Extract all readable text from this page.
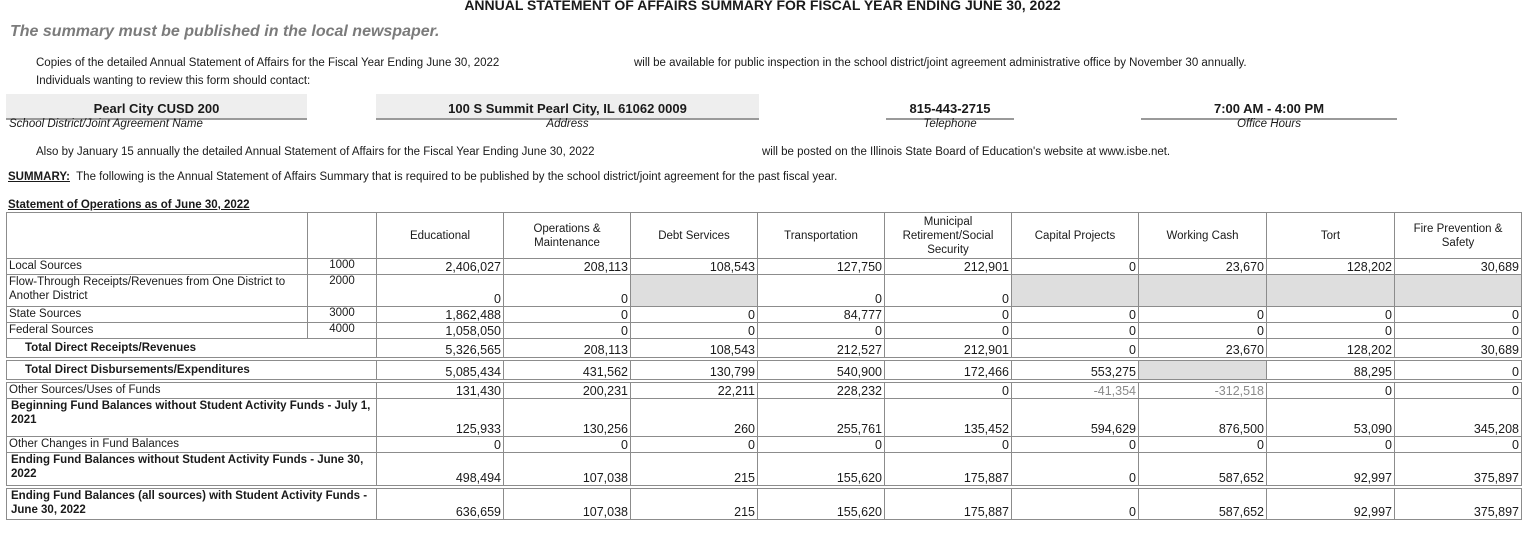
ANNUAL STATEMENT OF AFFAIRS SUMMARY FOR FISCAL YEAR ENDING JUNE 30, 2022
The summary must be published in the local newspaper.
Copies of the detailed Annual Statement of Affairs for the Fiscal Year Ending June 30, 2022	will be available for public inspection in the school district/joint agreement administrative office by November 30 annually.
Individuals wanting to review this form should contact:
Pearl City CUSD 200
School District/Joint Agreement Name
100 S Summit Pearl City, IL 61062 0009
Address
815-443-2715
Telephone
7:00 AM - 4:00 PM
Office Hours
Also by January 15 annually the detailed Annual Statement of Affairs for the Fiscal Year Ending June 30, 2022	will be posted on the Illinois State Board of Education's website at www.isbe.net.
SUMMARY: The following is the Annual Statement of Affairs Summary that is required to be published by the school district/joint agreement for the past fiscal year.
Statement of Operations as of June 30, 2022
		Educational	Operations & Maintenance	Debt Services	Transportation	Municipal Retirement/Social Security	Capital Projects	Working Cash	Tort	Fire Prevention & Safety
Local Sources	1000	2,406,027	208,113	108,543	127,750	212,901	0	23,670	128,202	30,689
Flow-Through Receipts/Revenues from One District to Another District	2000	0	0		0	0				
State Sources	3000	1,862,488	0	0	84,777	0	0	0	0	0
Federal Sources	4000	1,058,050	0	0	0	0	0	0	0	0
Total Direct Receipts/Revenues		5,326,565	208,113	108,543	212,527	212,901	0	23,670	128,202	30,689

Total Direct Disbursements/Expenditures		5,085,434	431,562	130,799	540,900	172,466	553,275		88,295	0

Other Sources/Uses of Funds		131,430	200,231	22,211	228,232	0	-41,354	-312,518	0	0
Beginning Fund Balances without Student Activity Funds - July 1, 2021		125,933	130,256	260	255,761	135,452	594,629	876,500	53,090	345,208
Other Changes in Fund Balances		0	0	0	0	0	0	0	0	0
Ending Fund Balances without Student Activity Funds - June 30, 2022		498,494	107,038	215	155,620	175,887	0	587,652	92,997	375,897

Ending Fund Balances (all sources) with Student Activity Funds - June 30, 2022		636,659	107,038	215	155,620	175,887	0	587,652	92,997	375,897
